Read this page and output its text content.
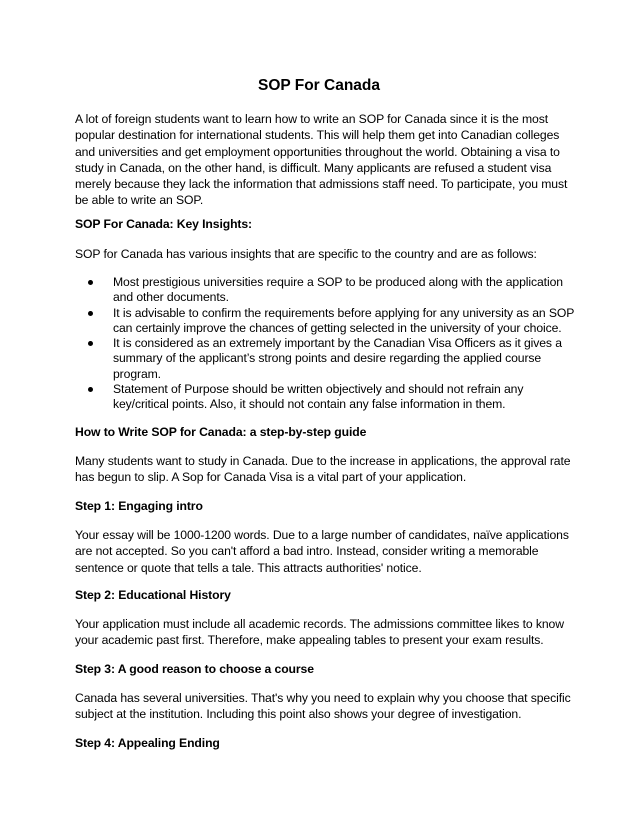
SOP For Canada

A lot of foreign students want to learn how to write an SOP for Canada since it is the most popular destination for international students. This will help them get into Canadian colleges and universities and get employment opportunities throughout the world. Obtaining a visa to study in Canada, on the other hand, is difficult. Many applicants are refused a student visa merely because they lack the information that admissions staff need. To participate, you must be able to write an SOP.

SOP For Canada: Key Insights:

SOP for Canada has various insights that are specific to the country and are as follows:

Most prestigious universities require a SOP to be produced along with the application and other documents.
It is advisable to confirm the requirements before applying for any university as an SOP can certainly improve the chances of getting selected in the university of your choice.
It is considered as an extremely important by the Canadian Visa Officers as it gives a summary of the applicant’s strong points and desire regarding the applied course program.
Statement of Purpose should be written objectively and should not refrain any key/critical points. Also, it should not contain any false information in them.

How to Write SOP for Canada: a step-by-step guide

Many students want to study in Canada. Due to the increase in applications, the approval rate has begun to slip. A Sop for Canada Visa is a vital part of your application.

Step 1: Engaging intro

Your essay will be 1000-1200 words. Due to a large number of candidates, naïve applications are not accepted. So you can't afford a bad intro. Instead, consider writing a memorable sentence or quote that tells a tale. This attracts authorities' notice.

Step 2: Educational History

Your application must include all academic records. The admissions committee likes to know your academic past first. Therefore, make appealing tables to present your exam results.

Step 3: A good reason to choose a course

Canada has several universities. That's why you need to explain why you choose that specific subject at the institution. Including this point also shows your degree of investigation.

Step 4: Appealing Ending
